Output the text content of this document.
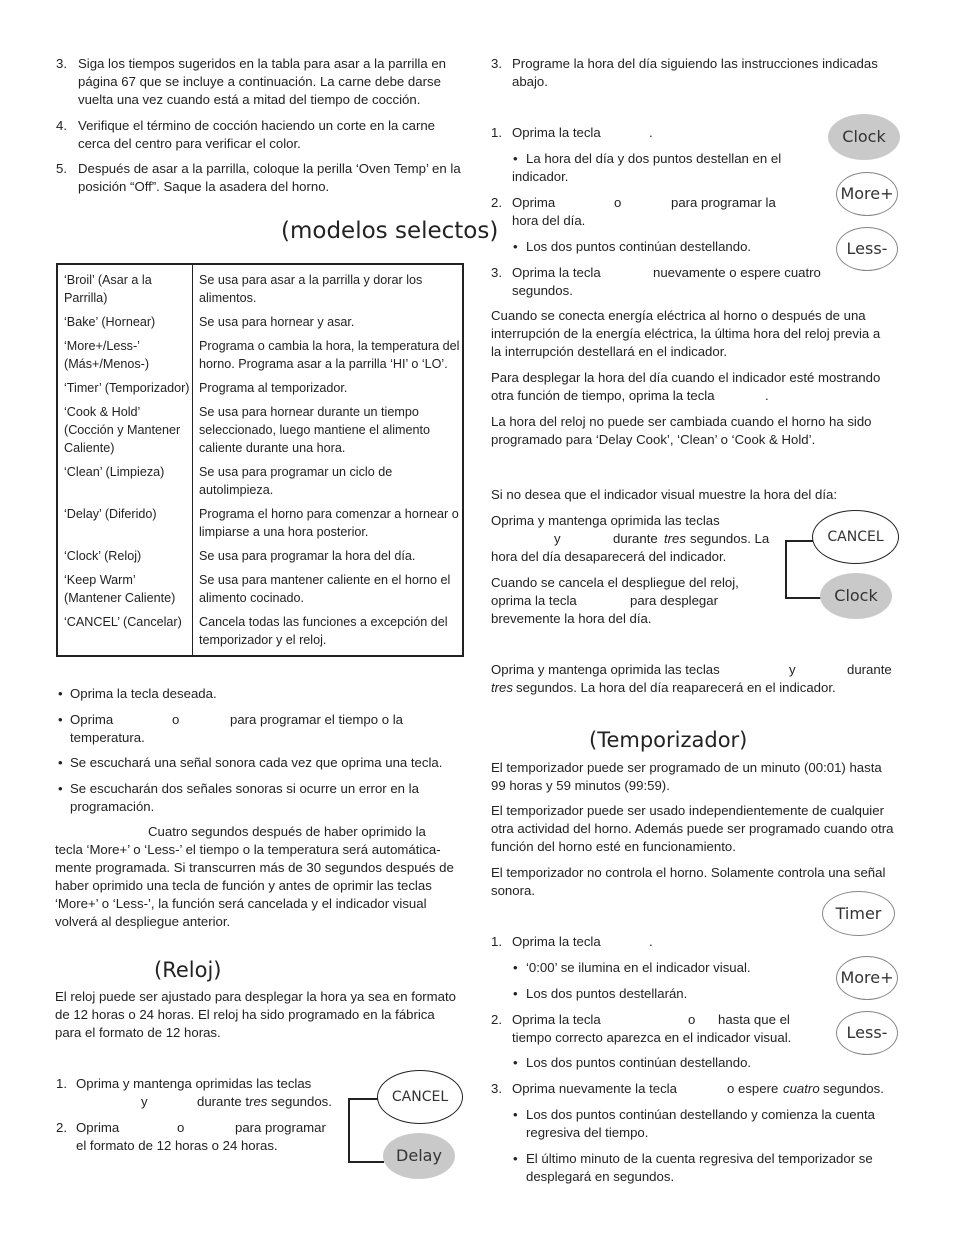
3. Siga los tiempos sugeridos en la tabla para asar a la parrilla en página 67 que se incluye a continuación. La carne debe darse vuelta una vez cuando está a mitad del tiempo de cocción.
4. Verifique el término de cocción haciendo un corte en la carne cerca del centro para verificar el color.
5. Después de asar a la parrilla, coloque la perilla ‘Oven Temp’ en la posición “Off”. Saque la asadera del horno.
(modelos selectos)
‘Broil’ (Asar a la Parrilla)	Se usa para asar a la parrilla y dorar los alimentos.
‘Bake’ (Hornear)	Se usa para hornear y asar.
‘More+/Less-’ (Más+/Menos-)	Programa o cambia la hora, la temperatura del horno. Programa asar a la parrilla ‘HI’ o ‘LO’.
‘Timer’ (Temporizador)	Programa al temporizador.
‘Cook & Hold’ (Cocción y Mantener Caliente)	Se usa para hornear durante un tiempo seleccionado, luego mantiene el alimento caliente durante una hora.
‘Clean’ (Limpieza)	Se usa para programar un ciclo de autolimpieza.
‘Delay’ (Diferido)	Programa el horno para comenzar a hornear o limpiarse a una hora posterior.
‘Clock’ (Reloj)	Se usa para programar la hora del día.
‘Keep Warm’ (Mantener Caliente)	Se usa para mantener caliente en el horno el alimento cocinado.
‘CANCEL’ (Cancelar)	Cancela todas las funciones a excepción del temporizador y el reloj.
• Oprima la tecla deseada.
• Oprima	o	para programar el tiempo o la temperatura.
• Se escuchará una señal sonora cada vez que oprima una tecla.
• Se escucharán dos señales sonoras si ocurre un error en la programación.
Cuatro segundos después de haber oprimido la
tecla ‘More+’ o ‘Less-’ el tiempo o la temperatura será automática-mente programada. Si transcurren más de 30 segundos después de haber oprimido una tecla de función y antes de oprimir las teclas ‘More+’ o ‘Less-’, la función será cancelada y el indicador visual volverá al despliegue anterior.
(Reloj)
El reloj puede ser ajustado para desplegar la hora ya sea en formato de 12 horas o 24 horas. El reloj ha sido programado en la fábrica para el formato de 12 horas.
1. Oprima y mantenga oprimidas las teclas
y	durante tres segundos.
2. Oprima	o	para programar
el formato de 12 horas o 24 horas.
CANCEL
Delay
3. Programe la hora del día siguiendo las instrucciones indicadas abajo.
1. Oprima la tecla	.
• La hora del día y dos puntos destellan en el indicador.
2. Oprima	o	para programar la
hora del día.
• Los dos puntos continúan destellando.
3. Oprima la tecla	nuevamente o espere cuatro
segundos.
Clock
More+
Less-
Cuando se conecta energía eléctrica al horno o después de una interrupción de la energía eléctrica, la última hora del reloj previa a la interrupción destellará en el indicador.
Para desplegar la hora del día cuando el indicador esté mostrando otra función de tiempo, oprima la tecla	.
La hora del reloj no puede ser cambiada cuando el horno ha sido programado para ‘Delay Cook’, ‘Clean’ o ‘Cook & Hold’.
Si no desea que el indicador visual muestre la hora del día:
Oprima y mantenga oprimida las teclas
y	durante tres segundos. La
hora del día desaparecerá del indicador.
Cuando se cancela el despliegue del reloj,
oprima la tecla	para desplegar
brevemente la hora del día.
CANCEL
Clock
Oprima y mantenga oprimida las teclas	y	durante
tres segundos. La hora del día reaparecerá en el indicador.
(Temporizador)
El temporizador puede ser programado de un minuto (00:01) hasta 99 horas y 59 minutos (99:59).
El temporizador puede ser usado independientemente de cualquier otra actividad del horno. Además puede ser programado cuando otra función del horno esté en funcionamiento.
El temporizador no controla el horno. Solamente controla una señal sonora.
Timer
1. Oprima la tecla	.
• ‘0:00’ se ilumina en el indicador visual.
• Los dos puntos destellarán.
More+
Less-
2. Oprima la tecla	o hasta que el
tiempo correcto aparezca en el indicador visual.
• Los dos puntos continúan destellando.
3. Oprima nuevamente la tecla	o espere cuatro segundos.
• Los dos puntos continúan destellando y comienza la cuenta regresiva del tiempo.
• El último minuto de la cuenta regresiva del temporizador se desplegará en segundos.
